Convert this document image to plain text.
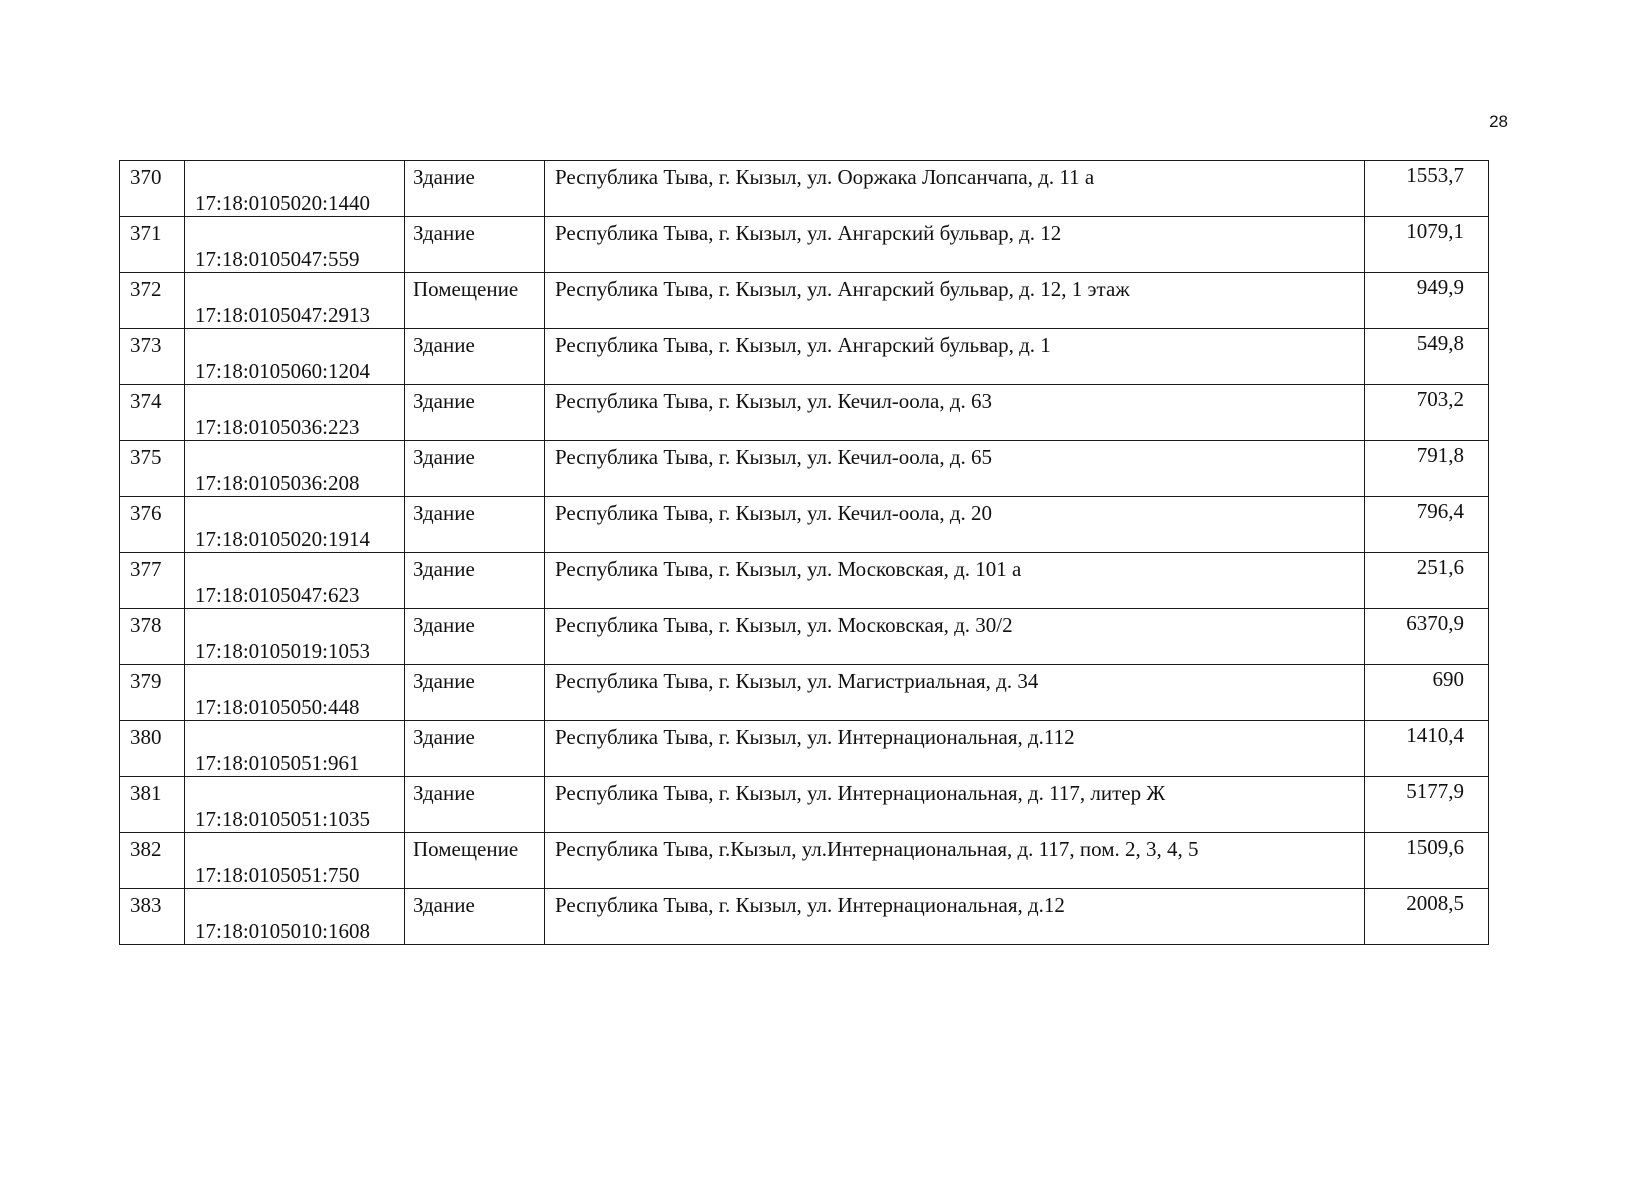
28
370	17:18:0105020:1440	Здание	Республика Тыва, г. Кызыл, ул. Ооржака Лопсанчапа, д. 11 а	1553,7

371	17:18:0105047:559	Здание	Республика Тыва, г. Кызыл, ул. Ангарский бульвар, д. 12	1079,1

372	17:18:0105047:2913	Помещение	Республика Тыва, г. Кызыл, ул. Ангарский бульвар, д. 12, 1 этаж	949,9

373	17:18:0105060:1204	Здание	Республика Тыва, г. Кызыл, ул. Ангарский бульвар, д. 1	549,8

374	17:18:0105036:223	Здание	Республика Тыва, г. Кызыл, ул. Кечил-оола, д. 63	703,2

375	17:18:0105036:208	Здание	Республика Тыва, г. Кызыл, ул. Кечил-оола, д. 65	791,8

376	17:18:0105020:1914	Здание	Республика Тыва, г. Кызыл, ул. Кечил-оола, д. 20	796,4

377	17:18:0105047:623	Здание	Республика Тыва, г. Кызыл, ул. Московская, д. 101 а	251,6

378	17:18:0105019:1053	Здание	Республика Тыва, г. Кызыл, ул. Московская, д. 30/2	6370,9

379	17:18:0105050:448	Здание	Республика Тыва, г. Кызыл, ул. Магистриальная, д. 34	690

380	17:18:0105051:961	Здание	Республика Тыва, г. Кызыл, ул. Интернациональная, д.112	1410,4

381	17:18:0105051:1035	Здание	Республика Тыва, г. Кызыл, ул. Интернациональная, д. 117, литер Ж	5177,9

382	17:18:0105051:750	Помещение	Республика Тыва, г.Кызыл, ул.Интернациональная, д. 117, пом. 2, 3, 4, 5	1509,6

383	17:18:0105010:1608	Здание	Республика Тыва, г. Кызыл, ул. Интернациональная, д.12	2008,5
